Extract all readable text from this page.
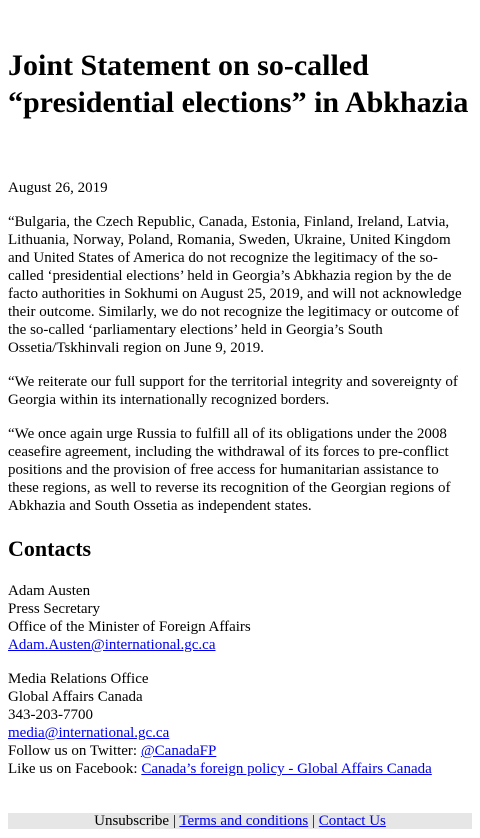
Joint Statement on so-called “presidential elections” in Abkhazia
August 26, 2019

“Bulgaria, the Czech Republic, Canada, Estonia, Finland, Ireland, Latvia, Lithuania, Norway, Poland, Romania, Sweden, Ukraine, United Kingdom and United States of America do not recognize the legitimacy of the so-called ‘presidential elections’ held in Georgia’s Abkhazia region by the de facto authorities in Sokhumi on August 25, 2019, and will not acknowledge their outcome. Similarly, we do not recognize the legitimacy or outcome of the so-called ‘parliamentary elections’ held in Georgia’s South Ossetia/Tskhinvali region on June 9, 2019.

“We reiterate our full support for the territorial integrity and sovereignty of Georgia within its internationally recognized borders.

“We once again urge Russia to fulfill all of its obligations under the 2008 ceasefire agreement, including the withdrawal of its forces to pre-conflict positions and the provision of free access for humanitarian assistance to these regions, as well to reverse its recognition of the Georgian regions of Abkhazia and South Ossetia as independent states.

Contacts
Adam Austen
Press Secretary
Office of the Minister of Foreign Affairs
Adam.Austen@international.gc.ca
Media Relations Office
Global Affairs Canada
343-203-7700
media@international.gc.ca
Follow us on Twitter: @CanadaFP
Like us on Facebook: Canada’s foreign policy - Global Affairs Canada
Unsubscribe | Terms and conditions | Contact Us
